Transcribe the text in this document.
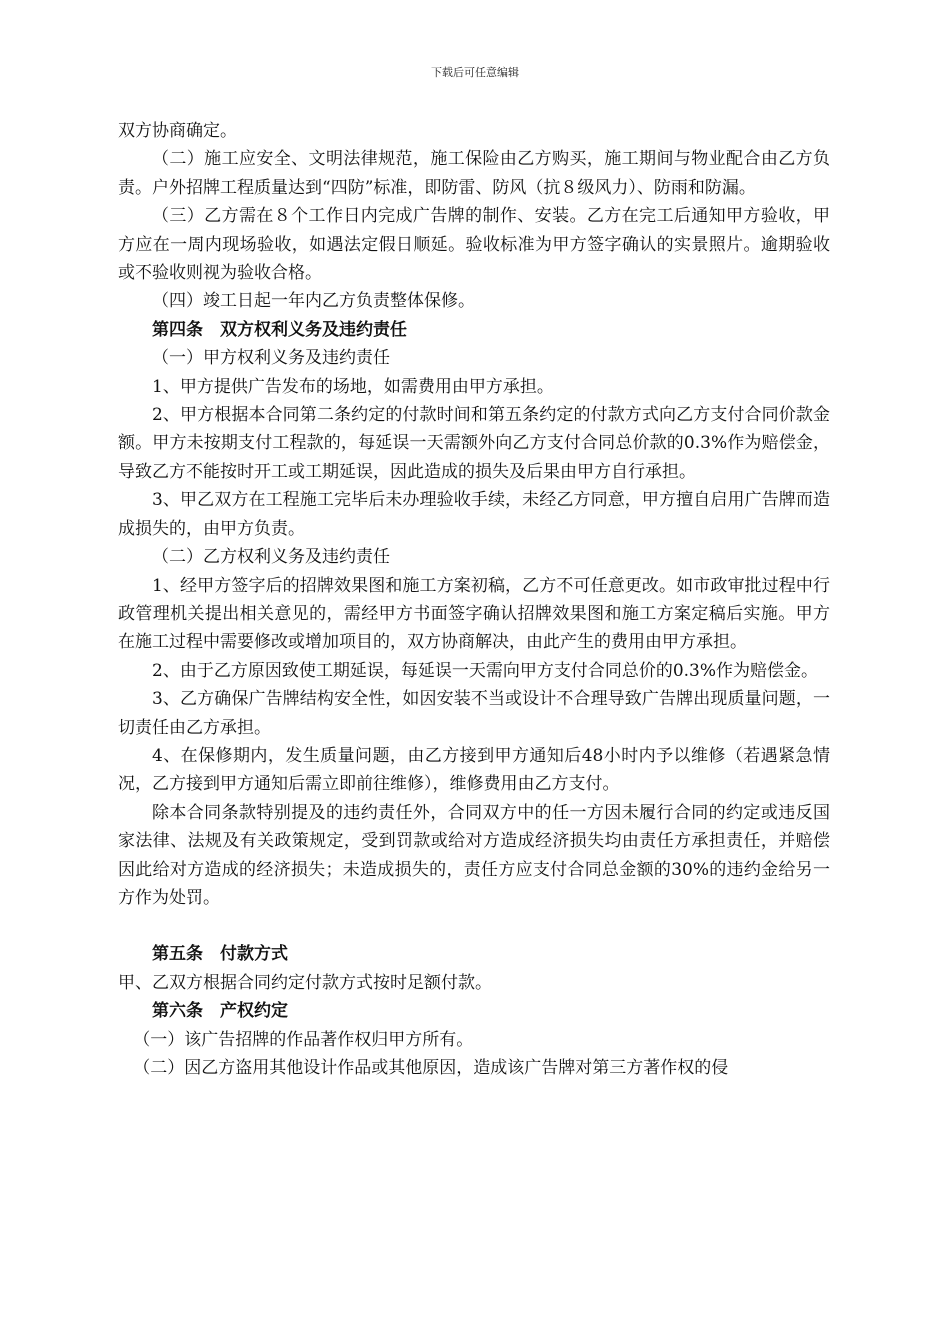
下载后可任意编辑

双方协商确定。

（二）施工应安全、文明法律规范，施工保险由乙方购买，施工期间与物业配合由乙方负责。户外招牌工程质量达到“四防”标准，即防雷、防风（抗８级风力）、防雨和防漏。

（三）乙方需在８个工作日内完成广告牌的制作、安装。乙方在完工后通知甲方验收，甲方应在一周内现场验收，如遇法定假日顺延。验收标准为甲方签字确认的实景照片。逾期验收或不验收则视为验收合格。

（四）竣工日起一年内乙方负责整体保修。

第四条　双方权利义务及违约责任

（一）甲方权利义务及违约责任

1、甲方提供广告发布的场地，如需费用由甲方承担。

2、甲方根据本合同第二条约定的付款时间和第五条约定的付款方式向乙方支付合同价款金额。甲方未按期支付工程款的，每延误一天需额外向乙方支付合同总价款的0.3%作为赔偿金，导致乙方不能按时开工或工期延误，因此造成的损失及后果由甲方自行承担。

3、甲乙双方在工程施工完毕后未办理验收手续，未经乙方同意，甲方擅自启用广告牌而造成损失的，由甲方负责。

（二）乙方权利义务及违约责任

1、经甲方签字后的招牌效果图和施工方案初稿，乙方不可任意更改。如市政审批过程中行政管理机关提出相关意见的，需经甲方书面签字确认招牌效果图和施工方案定稿后实施。甲方在施工过程中需要修改或增加项目的，双方协商解决，由此产生的费用由甲方承担。

2、由于乙方原因致使工期延误，每延误一天需向甲方支付合同总价的0.3%作为赔偿金。

3、乙方确保广告牌结构安全性，如因安装不当或设计不合理导致广告牌出现质量问题，一切责任由乙方承担。

4、在保修期内，发生质量问题，由乙方接到甲方通知后48小时内予以维修（若遇紧急情况，乙方接到甲方通知后需立即前往维修），维修费用由乙方支付。

除本合同条款特别提及的违约责任外，合同双方中的任一方因未履行合同的约定或违反国家法律、法规及有关政策规定，受到罚款或给对方造成经济损失均由责任方承担责任，并赔偿因此给对方造成的经济损失；未造成损失的，责任方应支付合同总金额的30%的违约金给另一方作为处罚。

第五条　付款方式

甲、乙双方根据合同约定付款方式按时足额付款。

第六条　产权约定

（一）该广告招牌的作品著作权归甲方所有。

（二）因乙方盗用其他设计作品或其他原因，造成该广告牌对第三方著作权的侵
